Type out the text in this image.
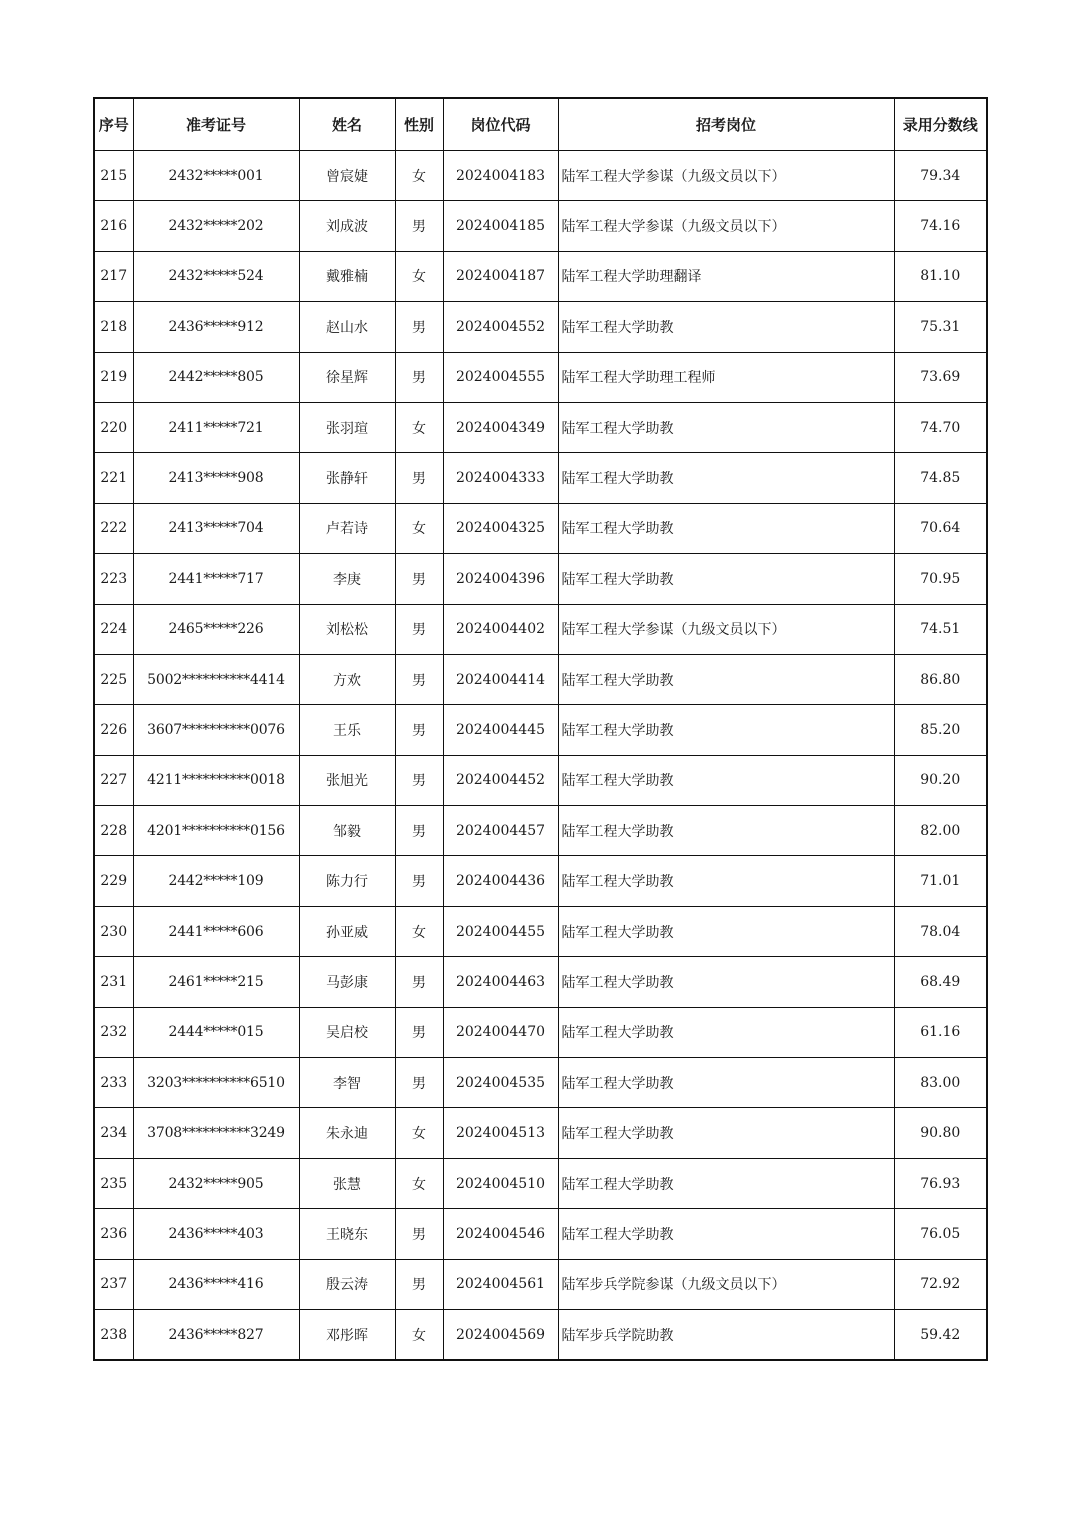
序号	准考证号	姓名	性别	岗位代码	招考岗位	录用分数线
215	2432*****001	曾宸婕	女	2024004183	陆军工程大学参谋（九级文员以下）	79.34
216	2432*****202	刘成波	男	2024004185	陆军工程大学参谋（九级文员以下）	74.16
217	2432*****524	戴雅楠	女	2024004187	陆军工程大学助理翻译	81.10
218	2436*****912	赵山水	男	2024004552	陆军工程大学助教	75.31
219	2442*****805	徐星辉	男	2024004555	陆军工程大学助理工程师	73.69
220	2411*****721	张羽瑄	女	2024004349	陆军工程大学助教	74.70
221	2413*****908	张静轩	男	2024004333	陆军工程大学助教	74.85
222	2413*****704	卢若诗	女	2024004325	陆军工程大学助教	70.64
223	2441*****717	李庚	男	2024004396	陆军工程大学助教	70.95
224	2465*****226	刘松松	男	2024004402	陆军工程大学参谋（九级文员以下）	74.51
225	5002**********4414	方欢	男	2024004414	陆军工程大学助教	86.80
226	3607**********0076	王乐	男	2024004445	陆军工程大学助教	85.20
227	4211**********0018	张旭光	男	2024004452	陆军工程大学助教	90.20
228	4201**********0156	邹毅	男	2024004457	陆军工程大学助教	82.00
229	2442*****109	陈力行	男	2024004436	陆军工程大学助教	71.01
230	2441*****606	孙亚威	女	2024004455	陆军工程大学助教	78.04
231	2461*****215	马彭康	男	2024004463	陆军工程大学助教	68.49
232	2444*****015	吴启校	男	2024004470	陆军工程大学助教	61.16
233	3203**********6510	李智	男	2024004535	陆军工程大学助教	83.00
234	3708**********3249	朱永迪	女	2024004513	陆军工程大学助教	90.80
235	2432*****905	张慧	女	2024004510	陆军工程大学助教	76.93
236	2436*****403	王晓东	男	2024004546	陆军工程大学助教	76.05
237	2436*****416	殷云涛	男	2024004561	陆军步兵学院参谋（九级文员以下）	72.92
238	2436*****827	邓彤晖	女	2024004569	陆军步兵学院助教	59.42
